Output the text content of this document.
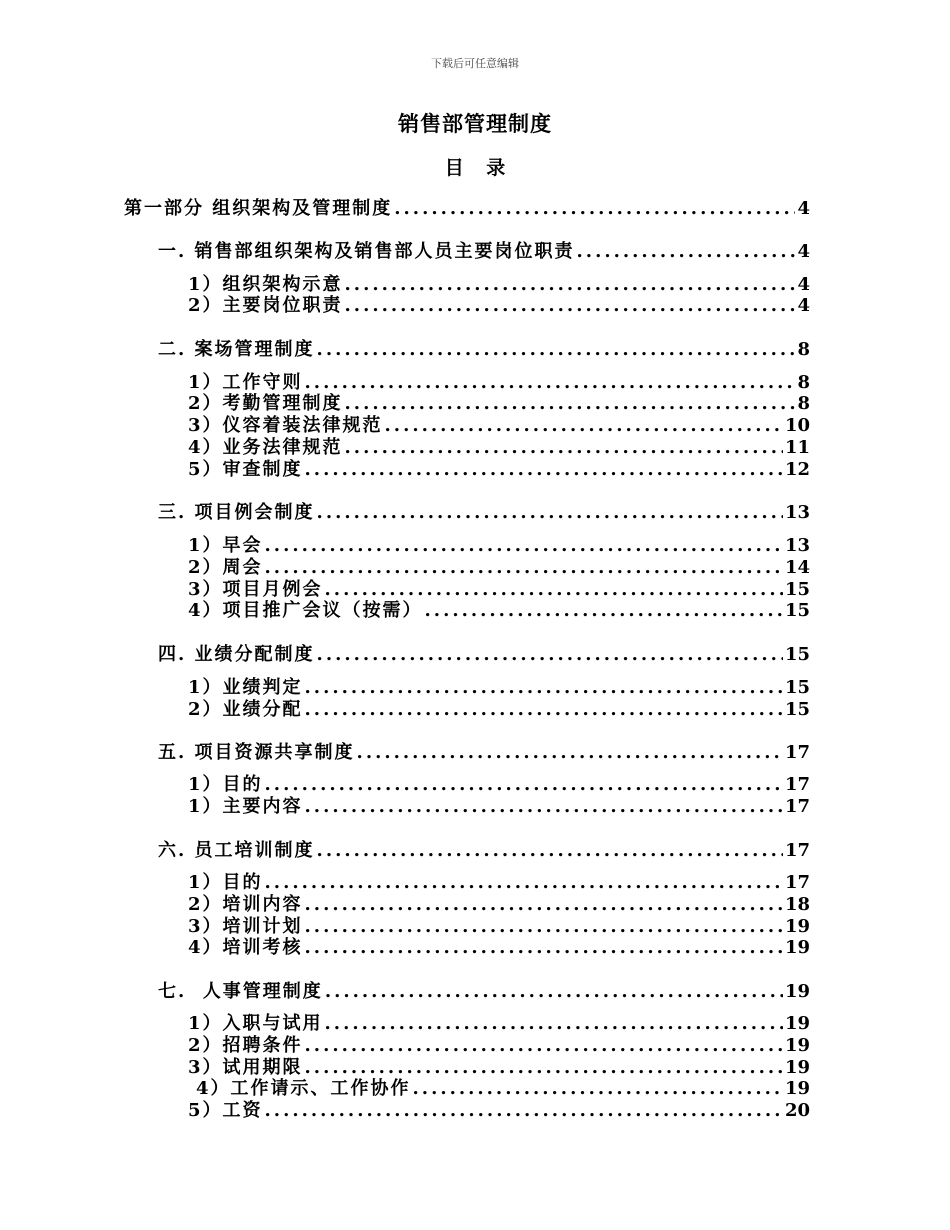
下载后可任意编辑
销售部管理制度
目 录
第一部分 组织架构及管理制度 .....	4
一. 销售部组织架构及销售部人员主要岗位职责 .....	4
1）组织架构示意 .....	4
2）主要岗位职责 .....	4
二. 案场管理制度 .....	8
1）工作守则 .....	8
2）考勤管理制度 .....	8
3）仪容着装法律规范 .....	10
4）业务法律规范 .....	11
5）审查制度 .....	12
三. 项目例会制度 .....	13
1）早会 .....	13
2）周会 .....	14
3）项目月例会 .....	15
4）项目推广会议（按需） .....	15
四. 业绩分配制度 .....	15
1）业绩判定 .....	15
2）业绩分配 .....	15
五. 项目资源共享制度 .....	17
1）目的 .....	17
1）主要内容 .....	17
六. 员工培训制度 .....	17
1）目的 .....	17
2）培训内容 .....	18
3）培训计划 .....	19
4）培训考核 .....	19
七.  人事管理制度 .....	19
1）入职与试用 .....	19
2）招聘条件 .....	19
3）试用期限 .....	19
4）工作请示、工作协作 .....	19
5）工资 .....	20
